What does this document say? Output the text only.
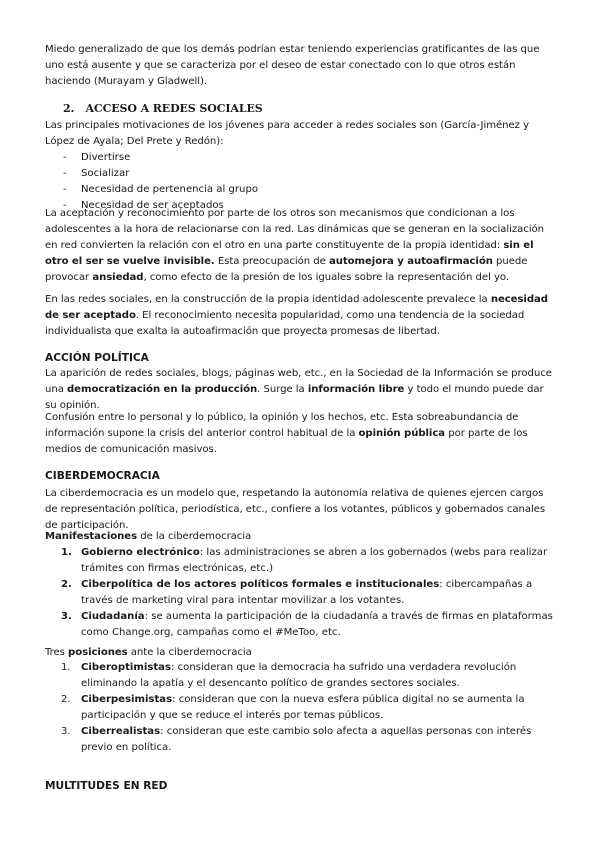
Miedo generalizado de que los demás podrían estar teniendo experiencias gratificantes de las que uno está ausente y que se caracteriza por el deseo de estar conectado con lo que otros están haciendo (Murayam y Gladwell).

2. ACCESO A REDES SOCIALES

Las principales motivaciones de los jóvenes para acceder a redes sociales son (García-Jiménez y López de Ayala; Del Prete y Redón):

- Divertirse
- Socializar
- Necesidad de pertenencia al grupo
- Necesidad de ser aceptados

La aceptación y reconocimiento por parte de los otros son mecanismos que condicionan a los adolescentes a la hora de relacionarse con la red. Las dinámicas que se generan en la socialización en red convierten la relación con el otro en una parte constituyente de la propia identidad: sin el otro el ser se vuelve invisible. Esta preocupación de automejora y autoafirmación puede provocar ansiedad, como efecto de la presión de los iguales sobre la representación del yo.

En las redes sociales, en la construcción de la propia identidad adolescente prevalece la necesidad de ser aceptado. El reconocimiento necesita popularidad, como una tendencia de la sociedad individualista que exalta la autoafirmación que proyecta promesas de libertad.

ACCIÓN POLÍTICA

La aparición de redes sociales, blogs, páginas web, etc., en la Sociedad de la Información se produce una democratización en la producción. Surge la información libre y todo el mundo puede dar su opinión.

Confusión entre lo personal y lo público, la opinión y los hechos, etc. Esta sobreabundancia de información supone la crisis del anterior control habitual de la opinión pública por parte de los medios de comunicación masivos.

CIBERDEMOCRACIA

La ciberdemocracia es un modelo que, respetando la autonomía relativa de quienes ejercen cargos de representación política, periodística, etc., confiere a los votantes, públicos y gobernados canales de participación.

Manifestaciones de la ciberdemocracia

1. Gobierno electrónico: las administraciones se abren a los gobernados (webs para realizar trámites con firmas electrónicas, etc.)
2. Ciberpolítica de los actores políticos formales e institucionales: cibercampañas a través de marketing viral para intentar movilizar a los votantes.
3. Ciudadanía: se aumenta la participación de la ciudadanía a través de firmas en plataformas como Change.org, campañas como el #MeToo, etc.

Tres posiciones ante la ciberdemocracia

1. Ciberoptimistas: consideran que la democracia ha sufrido una verdadera revolución eliminando la apatía y el desencanto político de grandes sectores sociales.
2. Ciberpesimistas: consideran que con la nueva esfera pública digital no se aumenta la participación y que se reduce el interés por temas públicos.
3. Ciberrealistas: consideran que este cambio solo afecta a aquellas personas con interés previo en política.
MULTITUDES EN RED
